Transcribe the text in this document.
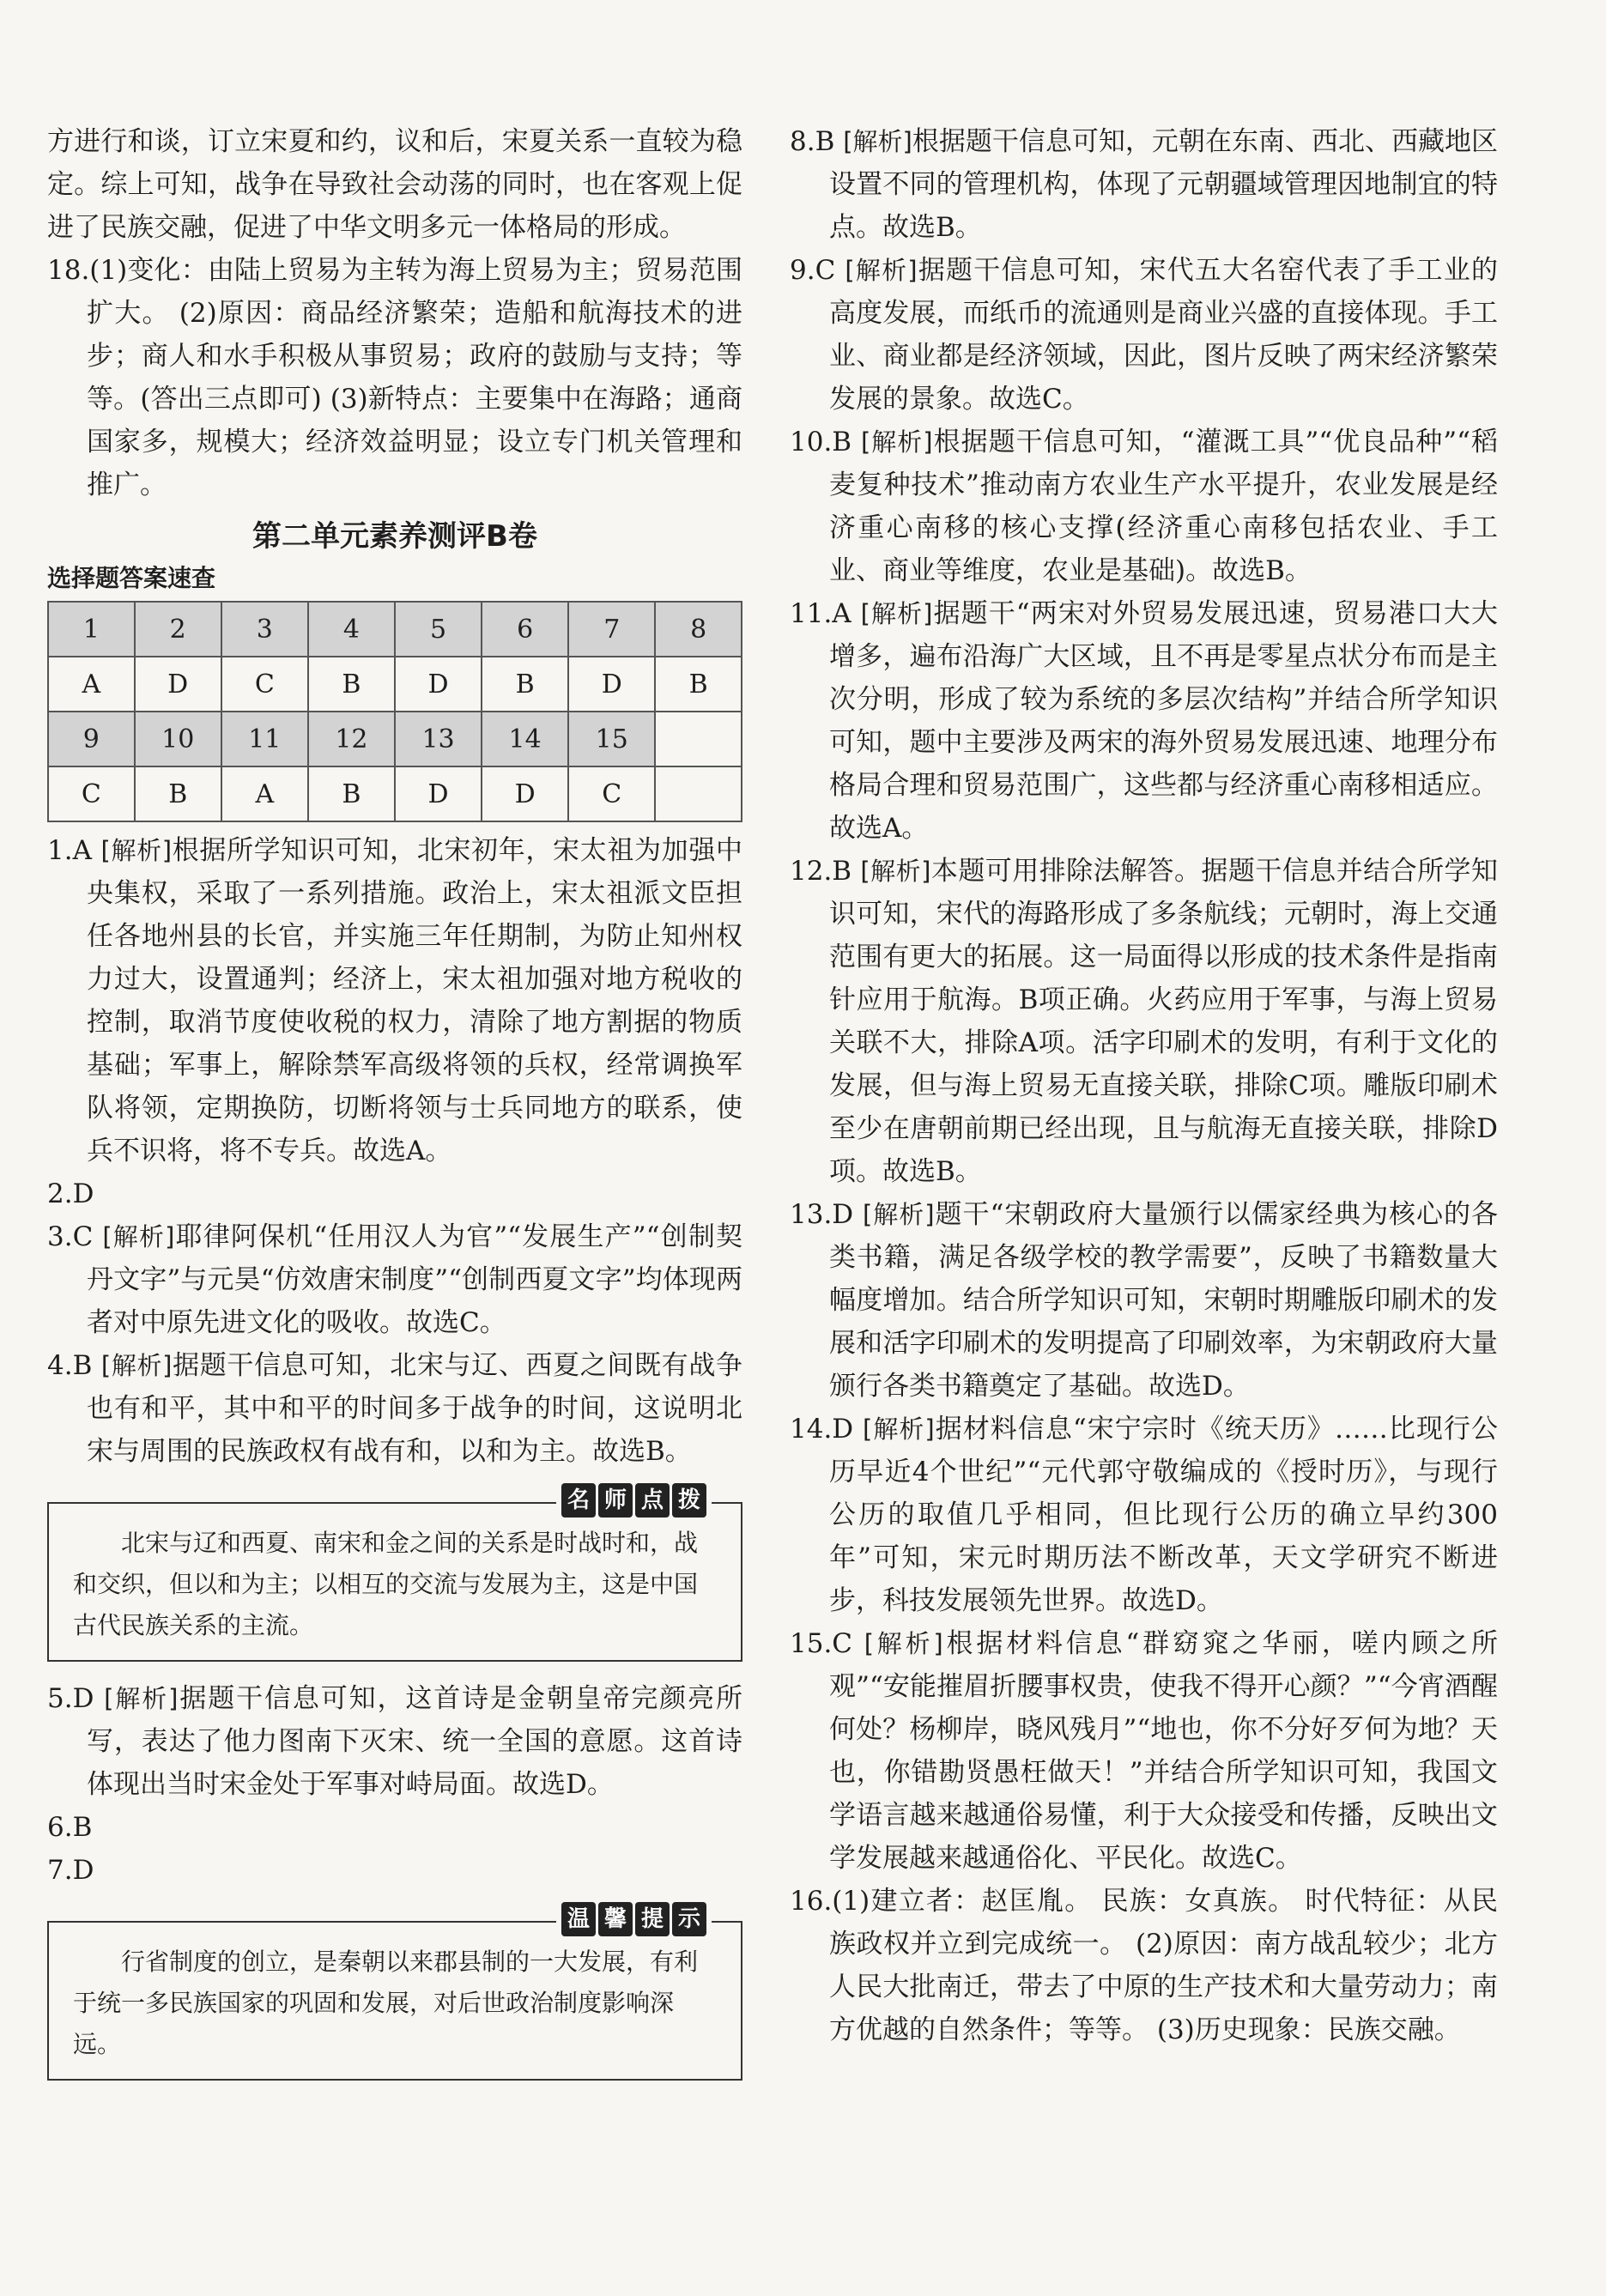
方进行和谈，订立宋夏和约，议和后，宋夏关系一直较为稳定。综上可知，战争在导致社会动荡的同时，也在客观上促进了民族交融，促进了中华文明多元一体格局的形成。

18.(1)变化：由陆上贸易为主转为海上贸易为主；贸易范围扩大。 (2)原因：商品经济繁荣；造船和航海技术的进步；商人和水手积极从事贸易；政府的鼓励与支持；等等。(答出三点即可) (3)新特点：主要集中在海路；通商国家多，规模大；经济效益明显；设立专门机关管理和推广。

第二单元素养测评B卷
选择题答案速查
1	2	3	4	5	6	7	8
A	D	C	B	D	B	D	B
9	10	11	12	13	14	15	
C	B	A	B	D	D	C	

1.A [解析]根据所学知识可知，北宋初年，宋太祖为加强中央集权，采取了一系列措施。政治上，宋太祖派文臣担任各地州县的长官，并实施三年任期制，为防止知州权力过大，设置通判；经济上，宋太祖加强对地方税收的控制，取消节度使收税的权力，清除了地方割据的物质基础；军事上，解除禁军高级将领的兵权，经常调换军队将领，定期换防，切断将领与士兵同地方的联系，使兵不识将，将不专兵。故选A。

2.D

3.C [解析]耶律阿保机“任用汉人为官”“发展生产”“创制契丹文字”与元昊“仿效唐宋制度”“创制西夏文字”均体现两者对中原先进文化的吸收。故选C。

4.B [解析]据题干信息可知，北宋与辽、西夏之间既有战争也有和平，其中和平的时间多于战争的时间，这说明北宋与周围的民族政权有战有和，以和为主。故选B。

名 师 点 拨
北宋与辽和西夏、南宋和金之间的关系是时战时和，战和交织，但以和为主；以相互的交流与发展为主，这是中国古代民族关系的主流。

5.D [解析]据题干信息可知，这首诗是金朝皇帝完颜亮所写，表达了他力图南下灭宋、统一全国的意愿。这首诗体现出当时宋金处于军事对峙局面。故选D。

6.B

7.D

温 馨 提 示
行省制度的创立，是秦朝以来郡县制的一大发展，有利于统一多民族国家的巩固和发展，对后世政治制度影响深远。

8.B [解析]根据题干信息可知，元朝在东南、西北、西藏地区设置不同的管理机构，体现了元朝疆域管理因地制宜的特点。故选B。

9.C [解析]据题干信息可知，宋代五大名窑代表了手工业的高度发展，而纸币的流通则是商业兴盛的直接体现。手工业、商业都是经济领域，因此，图片反映了两宋经济繁荣发展的景象。故选C。

10.B [解析]根据题干信息可知，“灌溉工具”“优良品种”“稻麦复种技术”推动南方农业生产水平提升，农业发展是经济重心南移的核心支撑(经济重心南移包括农业、手工业、商业等维度，农业是基础)。故选B。

11.A [解析]据题干“两宋对外贸易发展迅速，贸易港口大大增多，遍布沿海广大区域，且不再是零星点状分布而是主次分明，形成了较为系统的多层次结构”并结合所学知识可知，题中主要涉及两宋的海外贸易发展迅速、地理分布格局合理和贸易范围广，这些都与经济重心南移相适应。故选A。

12.B [解析]本题可用排除法解答。据题干信息并结合所学知识可知，宋代的海路形成了多条航线；元朝时，海上交通范围有更大的拓展。这一局面得以形成的技术条件是指南针应用于航海。B项正确。火药应用于军事，与海上贸易关联不大，排除A项。活字印刷术的发明，有利于文化的发展，但与海上贸易无直接关联，排除C项。雕版印刷术至少在唐朝前期已经出现，且与航海无直接关联，排除D项。故选B。

13.D [解析]题干“宋朝政府大量颁行以儒家经典为核心的各类书籍，满足各级学校的教学需要”，反映了书籍数量大幅度增加。结合所学知识可知，宋朝时期雕版印刷术的发展和活字印刷术的发明提高了印刷效率，为宋朝政府大量颁行各类书籍奠定了基础。故选D。

14.D [解析]据材料信息“宋宁宗时《统天历》……比现行公历早近4个世纪”“元代郭守敬编成的《授时历》，与现行公历的取值几乎相同，但比现行公历的确立早约300年”可知，宋元时期历法不断改革，天文学研究不断进步，科技发展领先世界。故选D。

15.C [解析]根据材料信息“群窈窕之华丽，嗟内顾之所观”“安能摧眉折腰事权贵，使我不得开心颜？”“今宵酒醒何处？杨柳岸，晓风残月”“地也，你不分好歹何为地？天也，你错勘贤愚枉做天！”并结合所学知识可知，我国文学语言越来越通俗易懂，利于大众接受和传播，反映出文学发展越来越通俗化、平民化。故选C。

16.(1)建立者：赵匡胤。 民族：女真族。 时代特征：从民族政权并立到完成统一。 (2)原因：南方战乱较少；北方人民大批南迁，带去了中原的生产技术和大量劳动力；南方优越的自然条件；等等。 (3)历史现象：民族交融。
